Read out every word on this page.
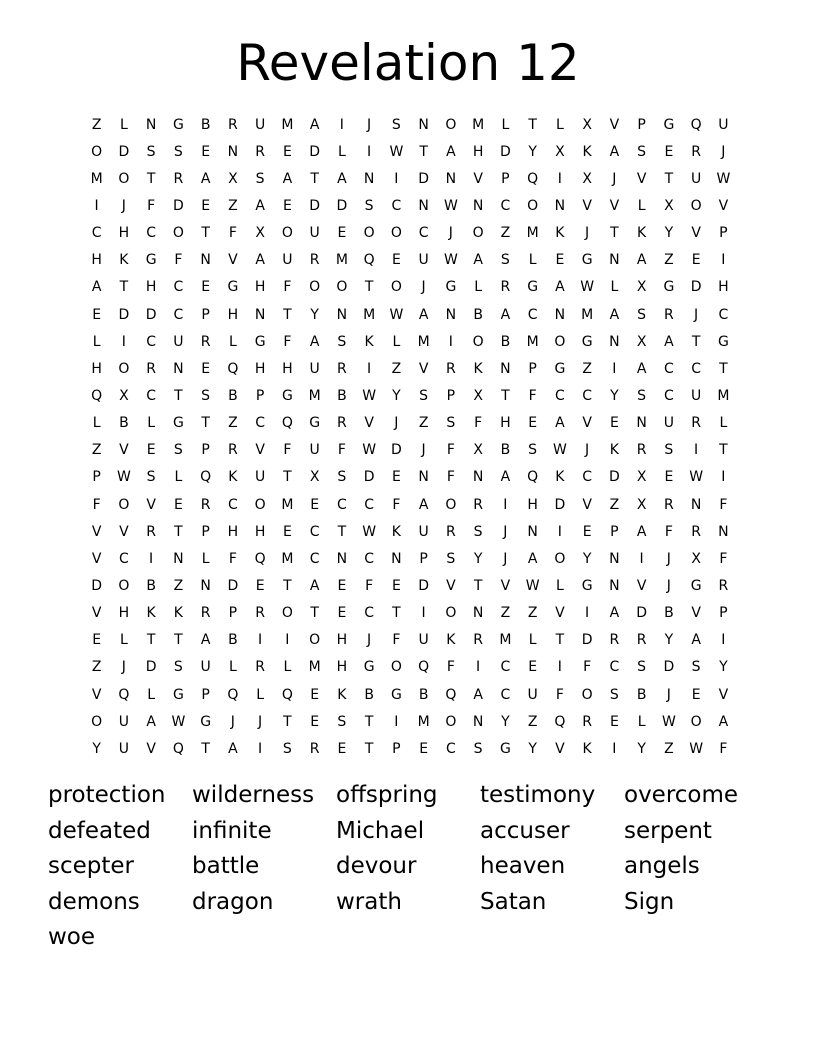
Revelation 12
Z	L	N	G	B	R	U	M	A	I	J	S	N	O	M	L	T	L	X	V	P	G	Q	U
O	D	S	S	E	N	R	E	D	L	I	W	T	A	H	D	Y	X	K	A	S	E	R	J
M	O	T	R	A	X	S	A	T	A	N	I	D	N	V	P	Q	I	X	J	V	T	U	W
I	J	F	D	E	Z	A	E	D	D	S	C	N	W	N	C	O	N	V	V	L	X	O	V
C	H	C	O	T	F	X	O	U	E	O	O	C	J	O	Z	M	K	J	T	K	Y	V	P
H	K	G	F	N	V	A	U	R	M	Q	E	U	W	A	S	L	E	G	N	A	Z	E	I
A	T	H	C	E	G	H	F	O	O	T	O	J	G	L	R	G	A	W	L	X	G	D	H
E	D	D	C	P	H	N	T	Y	N	M	W	A	N	B	A	C	N	M	A	S	R	J	C
L	I	C	U	R	L	G	F	A	S	K	L	M	I	O	B	M	O	G	N	X	A	T	G
H	O	R	N	E	Q	H	H	U	R	I	Z	V	R	K	N	P	G	Z	I	A	C	C	T
Q	X	C	T	S	B	P	G	M	B	W	Y	S	P	X	T	F	C	C	Y	S	C	U	M
L	B	L	G	T	Z	C	Q	G	R	V	J	Z	S	F	H	E	A	V	E	N	U	R	L
Z	V	E	S	P	R	V	F	U	F	W	D	J	F	X	B	S	W	J	K	R	S	I	T
P	W	S	L	Q	K	U	T	X	S	D	E	N	F	N	A	Q	K	C	D	X	E	W	I
F	O	V	E	R	C	O	M	E	C	C	F	A	O	R	I	H	D	V	Z	X	R	N	F
V	V	R	T	P	H	H	E	C	T	W	K	U	R	S	J	N	I	E	P	A	F	R	N
V	C	I	N	L	F	Q	M	C	N	C	N	P	S	Y	J	A	O	Y	N	I	J	X	F
D	O	B	Z	N	D	E	T	A	E	F	E	D	V	T	V	W	L	G	N	V	J	G	R
V	H	K	K	R	P	R	O	T	E	C	T	I	O	N	Z	Z	V	I	A	D	B	V	P
E	L	T	T	A	B	I	I	O	H	J	F	U	K	R	M	L	T	D	R	R	Y	A	I
Z	J	D	S	U	L	R	L	M	H	G	O	Q	F	I	C	E	I	F	C	S	D	S	Y
V	Q	L	G	P	Q	L	Q	E	K	B	G	B	Q	A	C	U	F	O	S	B	J	E	V
O	U	A	W	G	J	J	T	E	S	T	I	M	O	N	Y	Z	Q	R	E	L	W	O	A
Y	U	V	Q	T	A	I	S	R	E	T	P	E	C	S	G	Y	V	K	I	Y	Z	W	F
protection	wilderness offspring	testimony	overcome
defeated	infinite	Michael	accuser	serpent
scepter	battle	devour	heaven	angels
demons	dragon	wrath	Satan	Sign
woe
